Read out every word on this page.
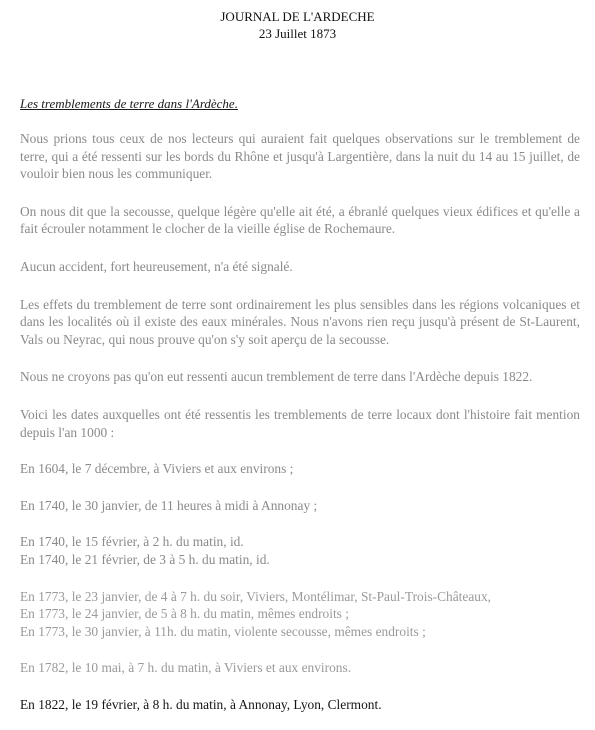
JOURNAL DE L'ARDECHE
23 Juillet 1873
Les tremblements de terre dans l'Ardèche.

Nous prions tous ceux de nos lecteurs qui auraient fait quelques observations sur le tremblement de terre, qui a été ressenti sur les bords du Rhône et jusqu'à Largentière, dans la nuit du 14 au 15 juillet, de vouloir bien nous les communiquer.

On nous dit que la secousse, quelque légère qu'elle ait été, a ébranlé quelques vieux édifices et qu'elle a fait écrouler notamment le clocher de la vieille église de Rochemaure.

Aucun accident, fort heureusement, n'a été signalé.

Les effets du tremblement de terre sont ordinairement les plus sensibles dans les régions volcaniques et dans les localités où il existe des eaux minérales. Nous n'avons rien reçu jusqu'à présent de St-Laurent, Vals ou Neyrac, qui nous prouve qu'on s'y soit aperçu de la secousse.

Nous ne croyons pas qu'on eut ressenti aucun tremblement de terre dans l'Ardèche depuis 1822.

Voici les dates auxquelles ont été ressentis les tremblements de terre locaux dont l'histoire fait mention depuis l'an 1000 :

En 1604, le 7 décembre, à Viviers et aux environs ;

En 1740, le 30 janvier, de 11 heures à midi à Annonay ;

En 1740, le 15 février, à 2 h. du matin, id.

En 1740, le 21 février, de 3 à 5 h. du matin, id.

En 1773, le 23 janvier, de 4 à 7 h. du soir, Viviers, Montélimar, St-Paul-Trois-Châteaux,

En 1773, le 24 janvier, de 5 à 8 h. du matin, mêmes endroits ;

En 1773, le 30 janvier, à 11h. du matin, violente secousse, mêmes endroits ;

En 1782, le 10 mai, à 7 h. du matin, à Viviers et aux environs.

En 1822, le 19 février, à 8 h. du matin, à Annonay, Lyon, Clermont.
